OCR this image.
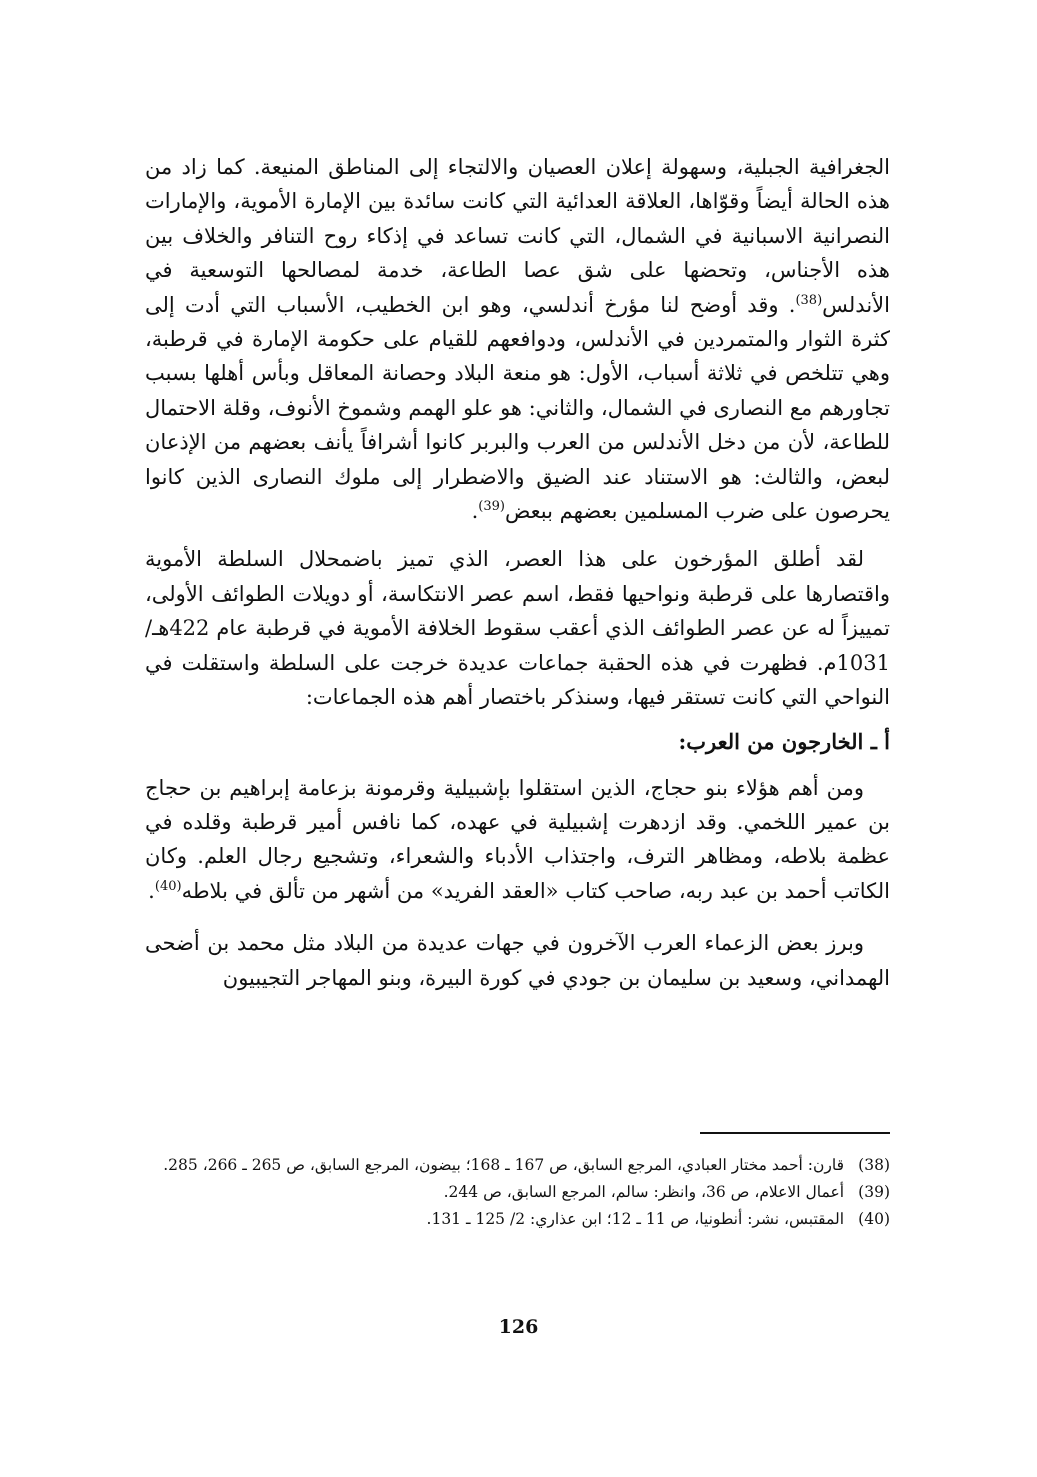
الجغرافية الجبلية، وسهولة إعلان العصيان والالتجاء إلى المناطق المنيعة. كما زاد من هذه الحالة أيضاً وقوّاها، العلاقة العدائية التي كانت سائدة بين الإمارة الأموية، والإمارات النصرانية الاسبانية في الشمال، التي كانت تساعد في إذكاء روح التنافر والخلاف بين هذه الأجناس، وتحضها على شق عصا الطاعة، خدمة لمصالحها التوسعية في الأندلس$^{(38)}$. وقد أوضح لنا مؤرخ أندلسي، وهو ابن الخطيب، الأسباب التي أدت إلى كثرة الثوار والمتمردين في الأندلس، ودوافعهم للقيام على حكومة الإمارة في قرطبة، وهي تتلخص في ثلاثة أسباب، الأول: هو منعة البلاد وحصانة المعاقل وبأس أهلها بسبب تجاورهم مع النصارى في الشمال، والثاني: هو علو الهمم وشموخ الأنوف، وقلة الاحتمال للطاعة، لأن من دخل الأندلس من العرب والبربر كانوا أشرافاً يأنف بعضهم من الإذعان لبعض، والثالث: هو الاستناد عند الضيق والاضطرار إلى ملوك النصارى الذين كانوا يحرصون على ضرب المسلمين بعضهم ببعض$^{(39)}$.

لقد أطلق المؤرخون على هذا العصر، الذي تميز باضمحلال السلطة الأموية واقتصارها على قرطبة ونواحيها فقط، اسم عصر الانتكاسة، أو دويلات الطوائف الأولى، تمييزاً له عن عصر الطوائف الذي أعقب سقوط الخلافة الأموية في قرطبة عام 422هـ/ 1031م. فظهرت في هذه الحقبة جماعات عديدة خرجت على السلطة واستقلت في النواحي التي كانت تستقر فيها، وسنذكر باختصار أهم هذه الجماعات:

أ ـ الخارجون من العرب:

ومن أهم هؤلاء بنو حجاج، الذين استقلوا بإشبيلية وقرمونة بزعامة إبراهيم بن حجاج بن عمير اللخمي. وقد ازدهرت إشبيلية في عهده، كما نافس أمير قرطبة وقلده في عظمة بلاطه، ومظاهر الترف، واجتذاب الأدباء والشعراء، وتشجيع رجال العلم. وكان الكاتب أحمد بن عبد ربه، صاحب كتاب «العقد الفريد» من أشهر من تألق في بلاطه$^{(40)}$.

وبرز بعض الزعماء العرب الآخرون في جهات عديدة من البلاد مثل محمد بن أضحى الهمداني، وسعيد بن سليمان بن جودي في كورة البيرة، وبنو المهاجر التجيبيون

(38)
قارن: أحمد مختار العبادي، المرجع السابق، ص 167 ـ 168؛ بيضون، المرجع السابق، ص 265 ـ 266، 285.
(39)
أعمال الاعلام، ص 36، وانظر: سالم، المرجع السابق، ص 244.
(40)
المقتبس، نشر: أنطونيا، ص 11 ـ 12؛ ابن عذاري: 2/ 125 ـ 131.
126
